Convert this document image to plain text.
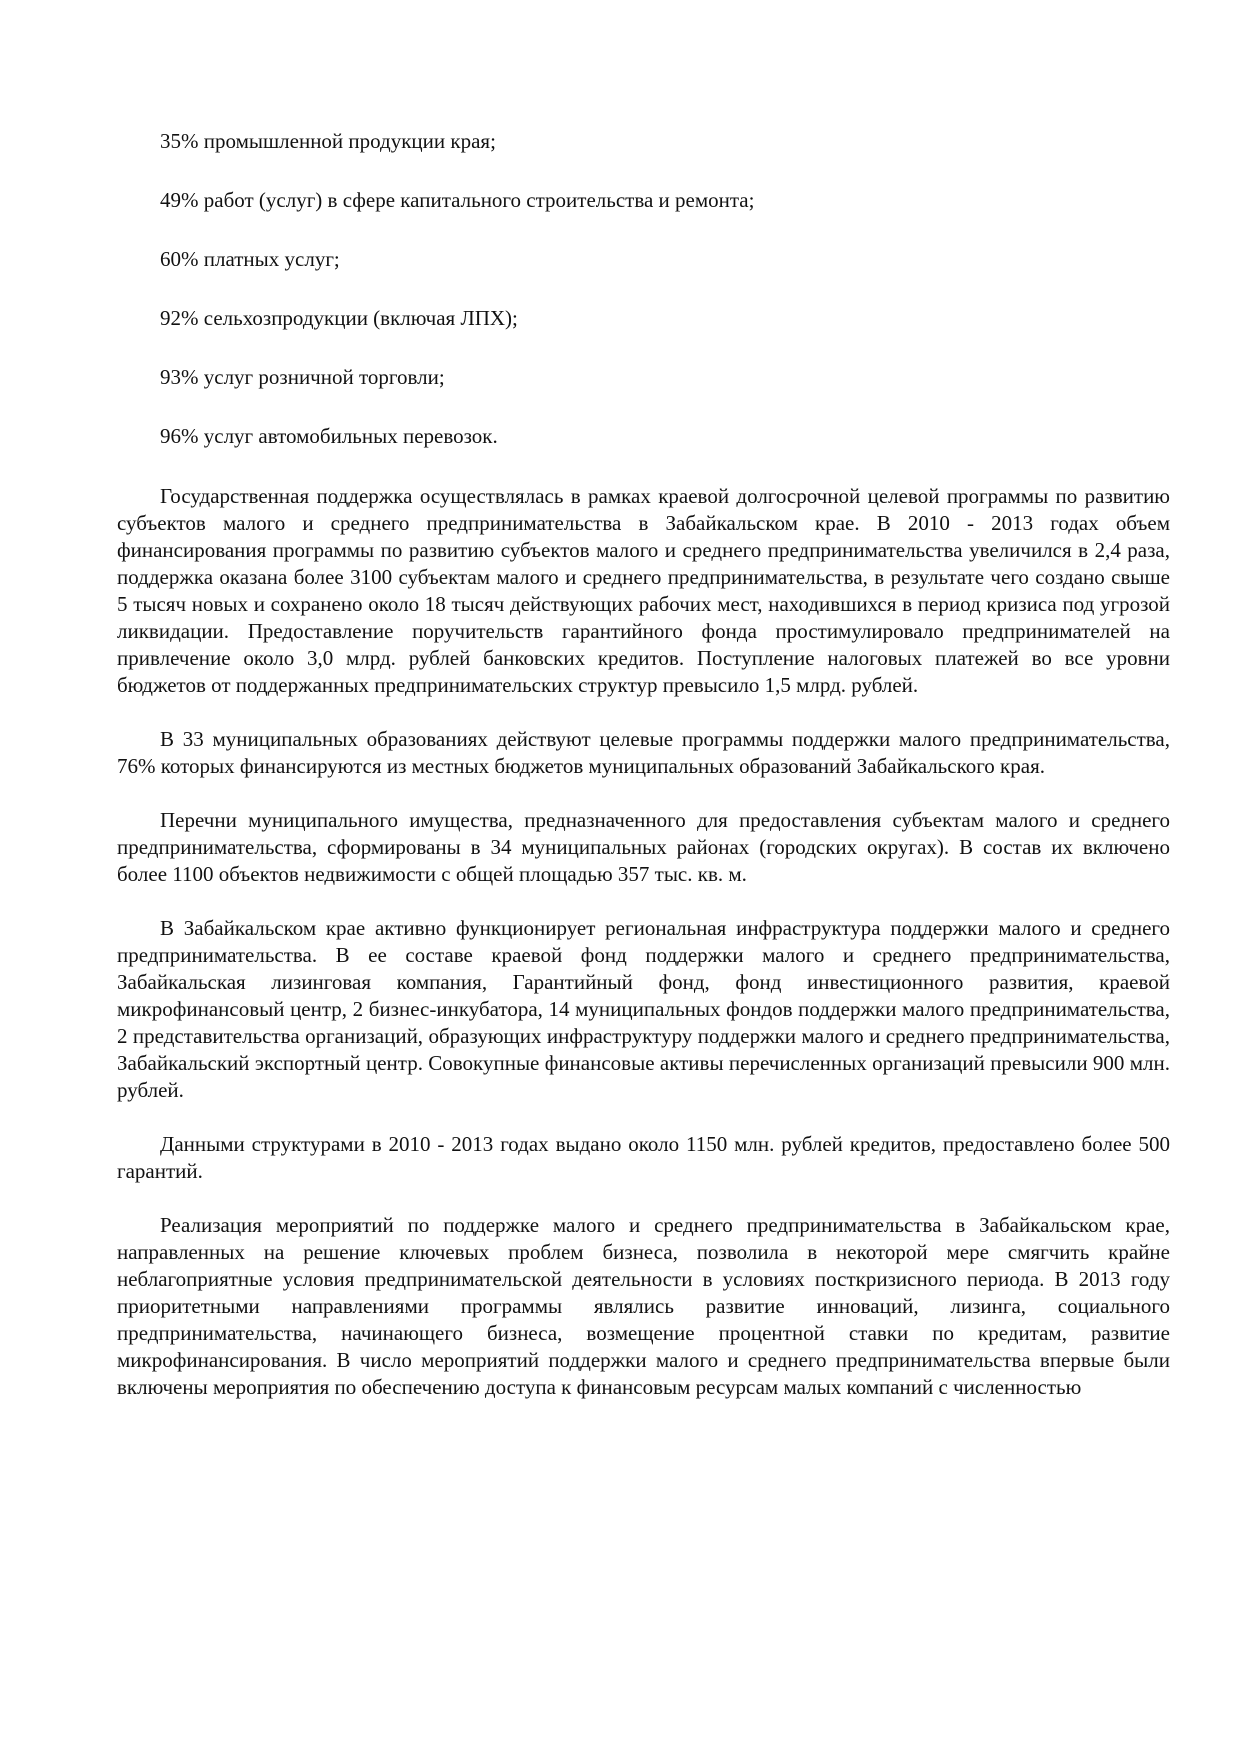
35% промышленной продукции края;

49% работ (услуг) в сфере капитального строительства и ремонта;

60% платных услуг;

92% сельхозпродукции (включая ЛПХ);

93% услуг розничной торговли;

96% услуг автомобильных перевозок.

Государственная поддержка осуществлялась в рамках краевой долгосрочной целевой программы по развитию субъектов малого и среднего предпринимательства в Забайкальском крае. В 2010 - 2013 годах объем финансирования программы по развитию субъектов малого и среднего предпринимательства увеличился в 2,4 раза, поддержка оказана более 3100 субъектам малого и среднего предпринимательства, в результате чего создано свыше 5 тысяч новых и сохранено около 18 тысяч действующих рабочих мест, находившихся в период кризиса под угрозой ликвидации. Предоставление поручительств гарантийного фонда простимулировало предпринимателей на привлечение около 3,0 млрд. рублей банковских кредитов. Поступление налоговых платежей во все уровни бюджетов от поддержанных предпринимательских структур превысило 1,5 млрд. рублей.

В 33 муниципальных образованиях действуют целевые программы поддержки малого предпринимательства, 76% которых финансируются из местных бюджетов муниципальных образований Забайкальского края.

Перечни муниципального имущества, предназначенного для предоставления субъектам малого и среднего предпринимательства, сформированы в 34 муниципальных районах (городских округах). В состав их включено более 1100 объектов недвижимости с общей площадью 357 тыс. кв. м.

В Забайкальском крае активно функционирует региональная инфраструктура поддержки малого и среднего предпринимательства. В ее составе краевой фонд поддержки малого и среднего предпринимательства, Забайкальская лизинговая компания, Гарантийный фонд, фонд инвестиционного развития, краевой микрофинансовый центр, 2 бизнес-инкубатора, 14 муниципальных фондов поддержки малого предпринимательства, 2 представительства организаций, образующих инфраструктуру поддержки малого и среднего предпринимательства, Забайкальский экспортный центр. Совокупные финансовые активы перечисленных организаций превысили 900 млн. рублей.

Данными структурами в 2010 - 2013 годах выдано около 1150 млн. рублей кредитов, предоставлено более 500 гарантий.

Реализация мероприятий по поддержке малого и среднего предпринимательства в Забайкальском крае, направленных на решение ключевых проблем бизнеса, позволила в некоторой мере смягчить крайне неблагоприятные условия предпринимательской деятельности в условиях посткризисного периода. В 2013 году приоритетными направлениями программы являлись развитие инноваций, лизинга, социального предпринимательства, начинающего бизнеса, возмещение процентной ставки по кредитам, развитие микрофинансирования. В число мероприятий поддержки малого и среднего предпринимательства впервые были включены мероприятия по обеспечению доступа к финансовым ресурсам малых компаний с численностью
